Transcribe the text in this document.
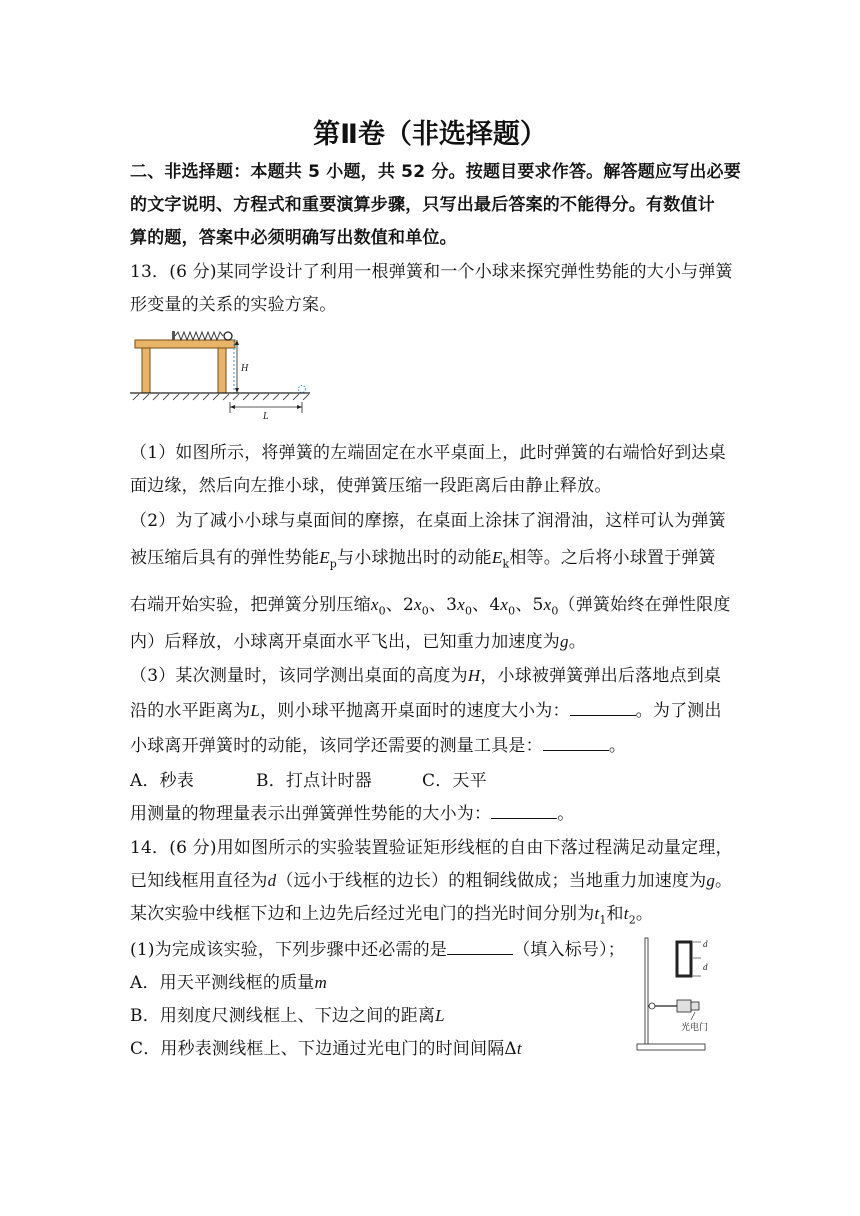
第Ⅱ卷（非选择题）
二、非选择题：本题共 5 小题，共 52 分。按题目要求作答。解答题应写出必要
的文字说明、方程式和重要演算步骤，只写出最后答案的不能得分。有数值计
算的题，答案中必须明确写出数值和单位。
13．(6 分)某同学设计了利用一根弹簧和一个小球来探究弹性势能的大小与弹簧
形变量的关系的实验方案。
H
L
（1）如图所示，将弹簧的左端固定在水平桌面上，此时弹簧的右端恰好到达桌
面边缘，然后向左推小球，使弹簧压缩一段距离后由静止释放。
（2）为了减小小球与桌面间的摩擦，在桌面上涂抹了润滑油，这样可认为弹簧
被压缩后具有的弹性势能$E_p$与小球抛出时的动能$E_k$相等。之后将小球置于弹簧
右端开始实验，把弹簧分别压缩$x_0$、$2x_0$、$3x_0$、$4x_0$、$5x_0$（弹簧始终在弹性限度
内）后释放，小球离开桌面水平飞出，已知重力加速度为g。
（3）某次测量时，该同学测出桌面的高度为H，小球被弹簧弹出后落地点到桌
沿的水平距离为L，则小球平抛离开桌面时的速度大小为：	。为了测出
小球离开弹簧时的动能，该同学还需要的测量工具是：	。
A．秒表	B．打点计时器	C．天平
用测量的物理量表示出弹簧弹性势能的大小为：	。
14．(6 分)用如图所示的实验装置验证矩形线框的自由下落过程满足动量定理，
已知线框用直径为d（远小于线框的边长）的粗铜线做成；当地重力加速度为g。
某次实验中线框下边和上边先后经过光电门的挡光时间分别为$t_1$和$t_2$。
(1)为完成该实验，下列步骤中还必需的是	（填入标号）；
A．用天平测线框的质量m
B．用刻度尺测线框上、下边之间的距离L
C．用秒表测线框上、下边通过光电门的时间间隔Δt
d
d
光电门
